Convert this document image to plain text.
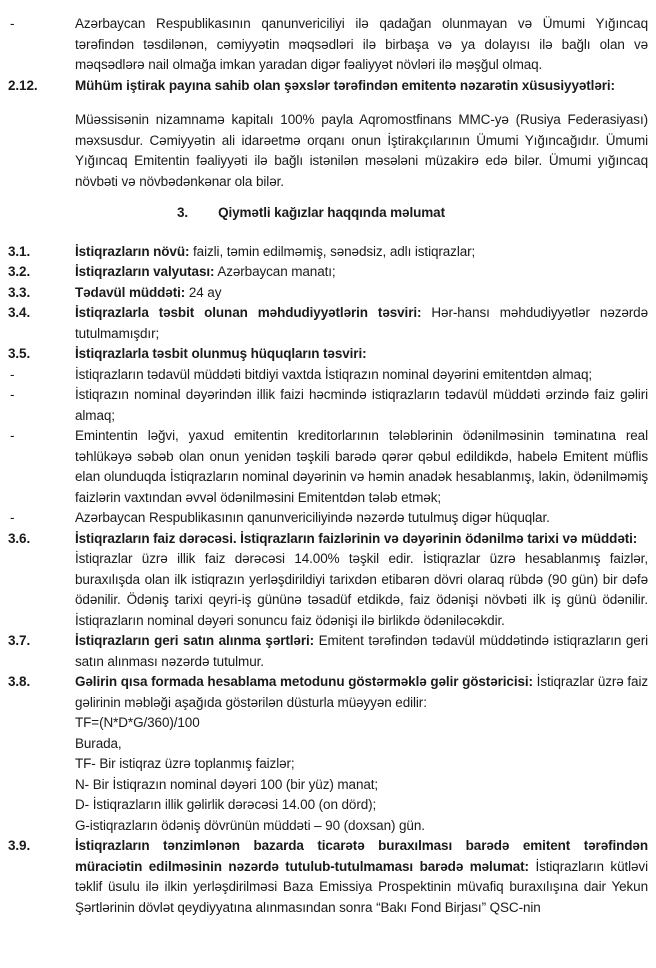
-	Azərbaycan Respublikasının qanunvericiliyi ilə qadağan olunmayan və Ümumi Yığıncaq tərəfindən təsdilənən, cəmiyyətin məqsədləri ilə birbaşa və ya dolayısı ilə bağlı olan və məqsədlərə nail olmağa imkan yaradan digər fəaliyyət növləri ilə məşğul olmaq.

2.12.	Mühüm iştirak payına sahib olan şəxslər tərəfindən emitentə nəzarətin xüsusiyyətləri:

Müəssisənin nizamnamə kapitalı 100% payla Aqromostfinans MMC-yə (Rusiya Federasiyası) məxsusdur. Cəmiyyətin ali idarəetmə orqanı onun İştirakçılarının Ümumi Yığıncağıdır. Ümumi Yığıncaq Emitentin fəaliyyəti ilə bağlı istənilən məsələni müzakirə edə bilər. Ümumi yığıncaq növbəti və növbədənkənar ola bilər.

3. Qiymətli kağızlar haqqında məlumat
3.1.	İstiqrazların növü: faizli, təmin edilməmiş, sənədsiz, adlı istiqrazlar;

3.2.	İstiqrazların valyutası: Azərbaycan manatı;

3.3.	Tədavül müddəti: 24 ay

3.4.	İstiqrazlarla təsbit olunan məhdudiyyətlərin təsviri: Hər-hansı məhdudiyyətlər nəzərdə tutulmamışdır;

3.5.	İstiqrazlarla təsbit olunmuş hüquqların təsviri:

-	İstiqrazların tədavül müddəti bitdiyi vaxtda İstiqrazın nominal dəyərini emitentdən almaq;

-	İstiqrazın nominal dəyərindən illik faizi həcmində istiqrazların tədavül müddəti ərzində faiz gəliri almaq;

-	Emintentin ləğvi, yaxud emitentin kreditorlarının tələblərinin ödənilməsinin təminatına real təhlükəyə səbəb olan onun yenidən təşkili barədə qərər qəbul edildikdə, habelə Emitent müflis elan olunduqda İstiqrazların nominal dəyərinin və həmin anadək hesablanmış, lakin, ödənilməmiş faizlərin vaxtından əvvəl ödənilməsini Emitentdən tələb etmək;

-	Azərbaycan Respublikasının qanunvericiliyində nəzərdə tutulmuş digər hüquqlar.

3.6.	İstiqrazların faiz dərəcəsi. İstiqrazların faizlərinin və dəyərinin ödənilmə tarixi və müddəti:

İstiqrazlar üzrə illik faiz dərəcəsi 14.00% təşkil edir. İstiqrazlar üzrə hesablanmış faizlər, buraxılışda olan ilk istiqrazın yerləşdirildiyi tarixdən etibarən dövri olaraq rübdə (90 gün) bir dəfə ödənilir. Ödəniş tarixi qeyri-iş gününə təsadüf etdikdə, faiz ödənişi növbəti ilk iş günü ödənilir. İstiqrazların nominal dəyəri sonuncu faiz ödənişi ilə birlikdə ödəniləcəkdir.

3.7.	İstiqrazların geri satın alınma şərtləri: Emitent tərəfindən tədavül müddətində istiqrazların geri satın alınması nəzərdə tutulmur.

3.8.	Gəlirin qısa formada hesablama metodunu göstərməklə gəlir göstəricisi: İstiqrazlar üzrə faiz gəlirinin məbləği aşağıda göstərilən düsturla müəyyən edilir:

TF=(N*D*G/360)/100

Burada,

TF- Bir istiqraz üzrə toplanmış faizlər;

N- Bir İstiqrazın nominal dəyəri 100 (bir yüz) manat;

D- İstiqrazların illik gəlirlik dərəcəsi 14.00 (on dörd);

G-istiqrazların ödəniş dövrünün müddəti – 90 (doxsan) gün.

3.9.	İstiqrazların tənzimlənən bazarda ticarətə buraxılması barədə emitent tərəfindən müraciətin edilməsinin nəzərdə tutulub-tutulmaması barədə məlumat: İstiqrazların kütləvi təklif üsulu ilə ilkin yerləşdirilməsi Baza Emissiya Prospektinin müvafiq buraxılışına dair Yekun Şərtlərinin dövlət qeydiyyatına alınmasından sonra “Bakı Fond Birjası” QSC-nin
